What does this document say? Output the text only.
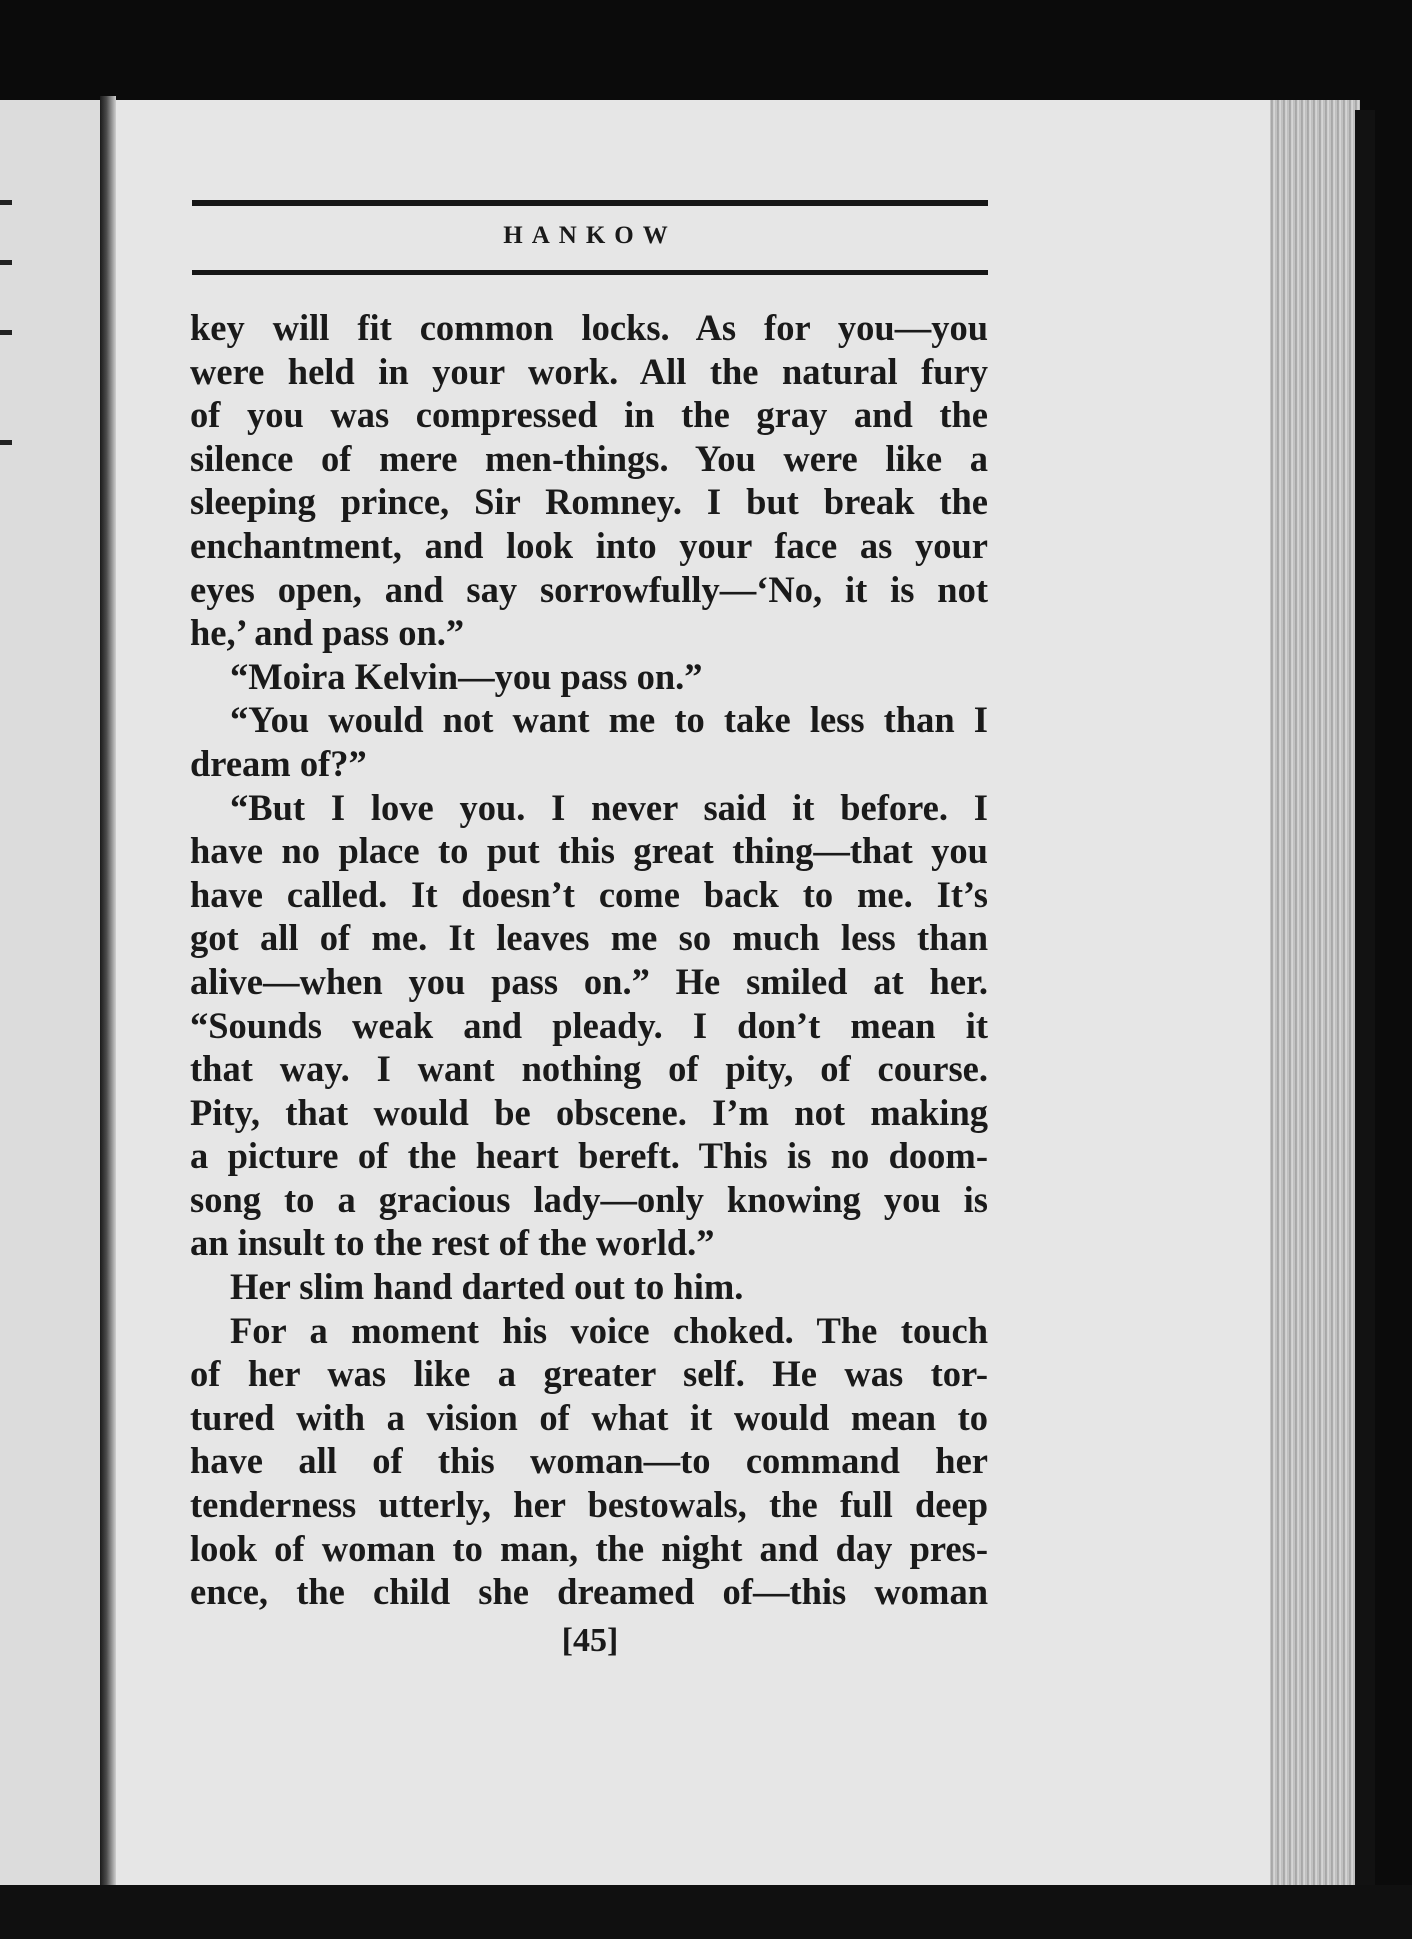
HANKOW
key will fit common locks. As for you—you
were held in your work. All the natural fury
of you was compressed in the gray and the
silence of mere men-things. You were like a
sleeping prince, Sir Romney. I but break the
enchantment, and look into your face as your
eyes open, and say sorrowfully—‘No, it is not
he,’ and pass on.”
“Moira Kelvin—you pass on.”
“You would not want me to take less than I
dream of?”
“But I love you. I never said it before. I
have no place to put this great thing—that you
have called. It doesn’t come back to me. It’s
got all of me. It leaves me so much less than
alive—when you pass on.” He smiled at her.
“Sounds weak and pleady. I don’t mean it
that way. I want nothing of pity, of course.
Pity, that would be obscene. I’m not making
a picture of the heart bereft. This is no doom-
song to a gracious lady—only knowing you is
an insult to the rest of the world.”
Her slim hand darted out to him.
For a moment his voice choked. The touch
of her was like a greater self. He was tor-
tured with a vision of what it would mean to
have all of this woman—to command her
tenderness utterly, her bestowals, the full deep
look of woman to man, the night and day pres-
ence, the child she dreamed of—this woman
[45]
